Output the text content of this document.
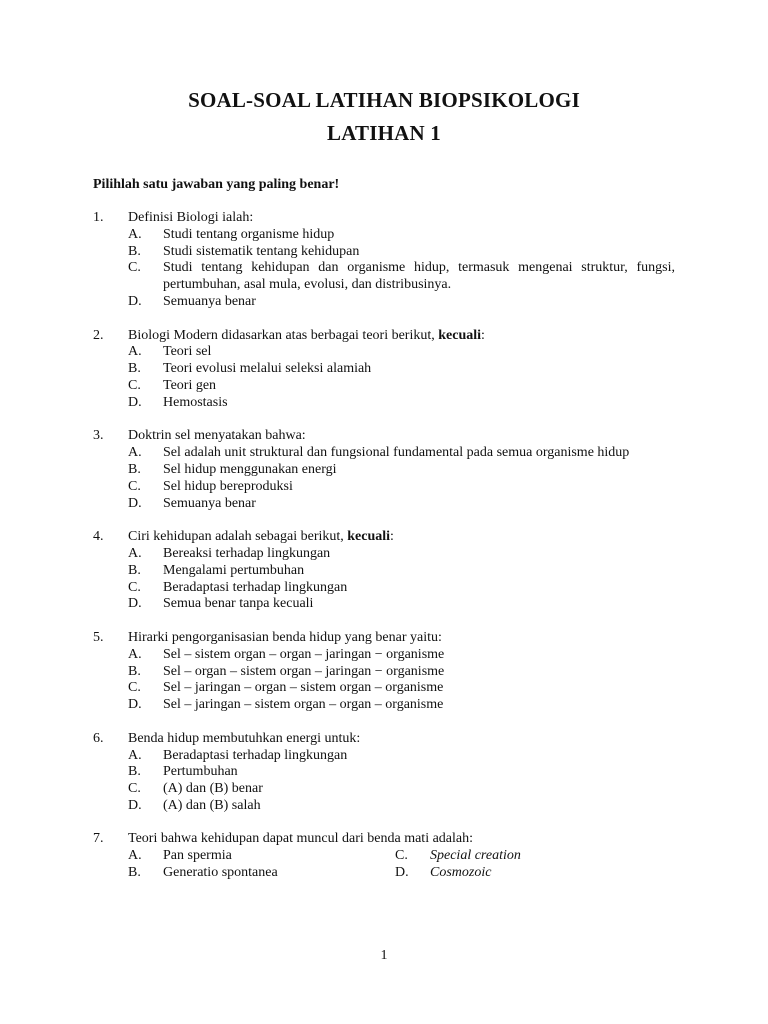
SOAL-SOAL LATIHAN BIOPSIKOLOGI
LATIHAN 1
Pilihlah satu jawaban yang paling benar!
1.	Definisi Biologi ialah:
A.	Studi tentang organisme hidup
B.	Studi sistematik tentang kehidupan
C.	Studi tentang kehidupan dan organisme hidup, termasuk mengenai struktur, fungsi, pertumbuhan, asal mula, evolusi, dan distribusinya.
D.	Semuanya benar
2.	Biologi Modern didasarkan atas berbagai teori berikut, kecuali:
A.	Teori sel
B.	Teori evolusi melalui seleksi alamiah
C.	Teori gen
D.	Hemostasis
3.	Doktrin sel menyatakan bahwa:
A.	Sel adalah unit struktural dan fungsional fundamental pada semua organisme hidup
B.	Sel hidup menggunakan energi
C.	Sel hidup bereproduksi
D.	Semuanya benar
4.	Ciri kehidupan adalah sebagai berikut, kecuali:
A.	Bereaksi terhadap lingkungan
B.	Mengalami pertumbuhan
C.	Beradaptasi terhadap lingkungan
D.	Semua benar tanpa kecuali
5.	Hirarki pengorganisasian benda hidup yang benar yaitu:
A.	Sel – sistem organ – organ – jaringan − organisme
B.	Sel – organ – sistem organ – jaringan − organisme
C.	Sel – jaringan – organ – sistem organ – organisme
D.	Sel – jaringan – sistem organ – organ – organisme
6.	Benda hidup membutuhkan energi untuk:
A.	Beradaptasi terhadap lingkungan
B.	Pertumbuhan
C.	(A) dan (B) benar
D.	(A) dan (B) salah
7.	Teori bahwa kehidupan dapat muncul dari benda mati adalah:
A.	Pan spermia	C.	Special creation
B.	Generatio spontanea	D.	Cosmozoic
1
